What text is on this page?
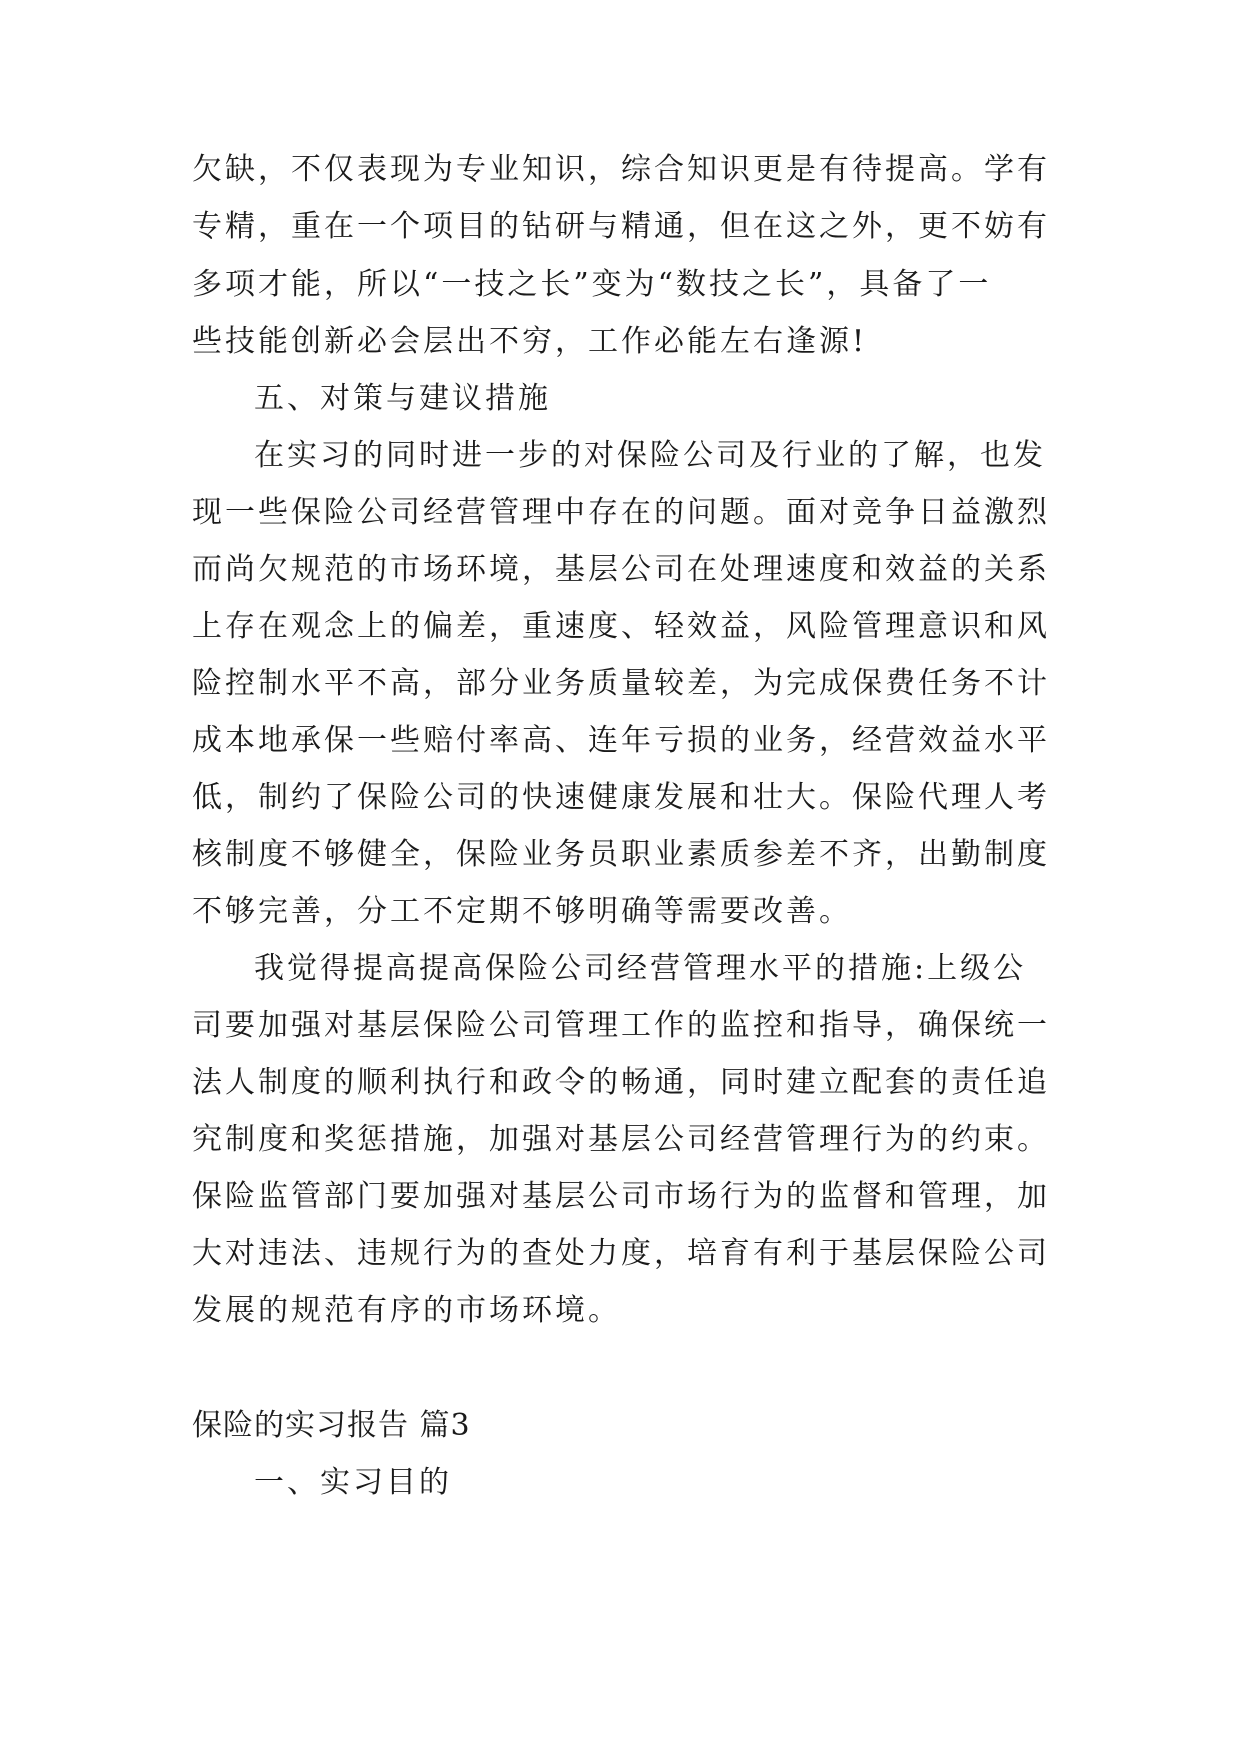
欠缺，不仅表现为专业知识，综合知识更是有待提高。学有
专精，重在一个项目的钻研与精通，但在这之外，更不妨有
多项才能，所以“一技之长”变为“数技之长”，具备了一
些技能创新必会层出不穷，工作必能左右逢源!
五、对策与建议措施
在实习的同时进一步的对保险公司及行业的了解，也发
现一些保险公司经营管理中存在的问题。面对竞争日益激烈
而尚欠规范的市场环境，基层公司在处理速度和效益的关系
上存在观念上的偏差，重速度、轻效益，风险管理意识和风
险控制水平不高，部分业务质量较差，为完成保费任务不计
成本地承保一些赔付率高、连年亏损的业务，经营效益水平
低，制约了保险公司的快速健康发展和壮大。保险代理人考
核制度不够健全，保险业务员职业素质参差不齐，出勤制度
不够完善，分工不定期不够明确等需要改善。
我觉得提高提高保险公司经营管理水平的措施:上级公
司要加强对基层保险公司管理工作的监控和指导，确保统一
法人制度的顺利执行和政令的畅通，同时建立配套的责任追
究制度和奖惩措施，加强对基层公司经营管理行为的约束。
保险监管部门要加强对基层公司市场行为的监督和管理，加
大对违法、违规行为的查处力度，培育有利于基层保险公司
发展的规范有序的市场环境。
保险的实习报告 篇3
一、实习目的
